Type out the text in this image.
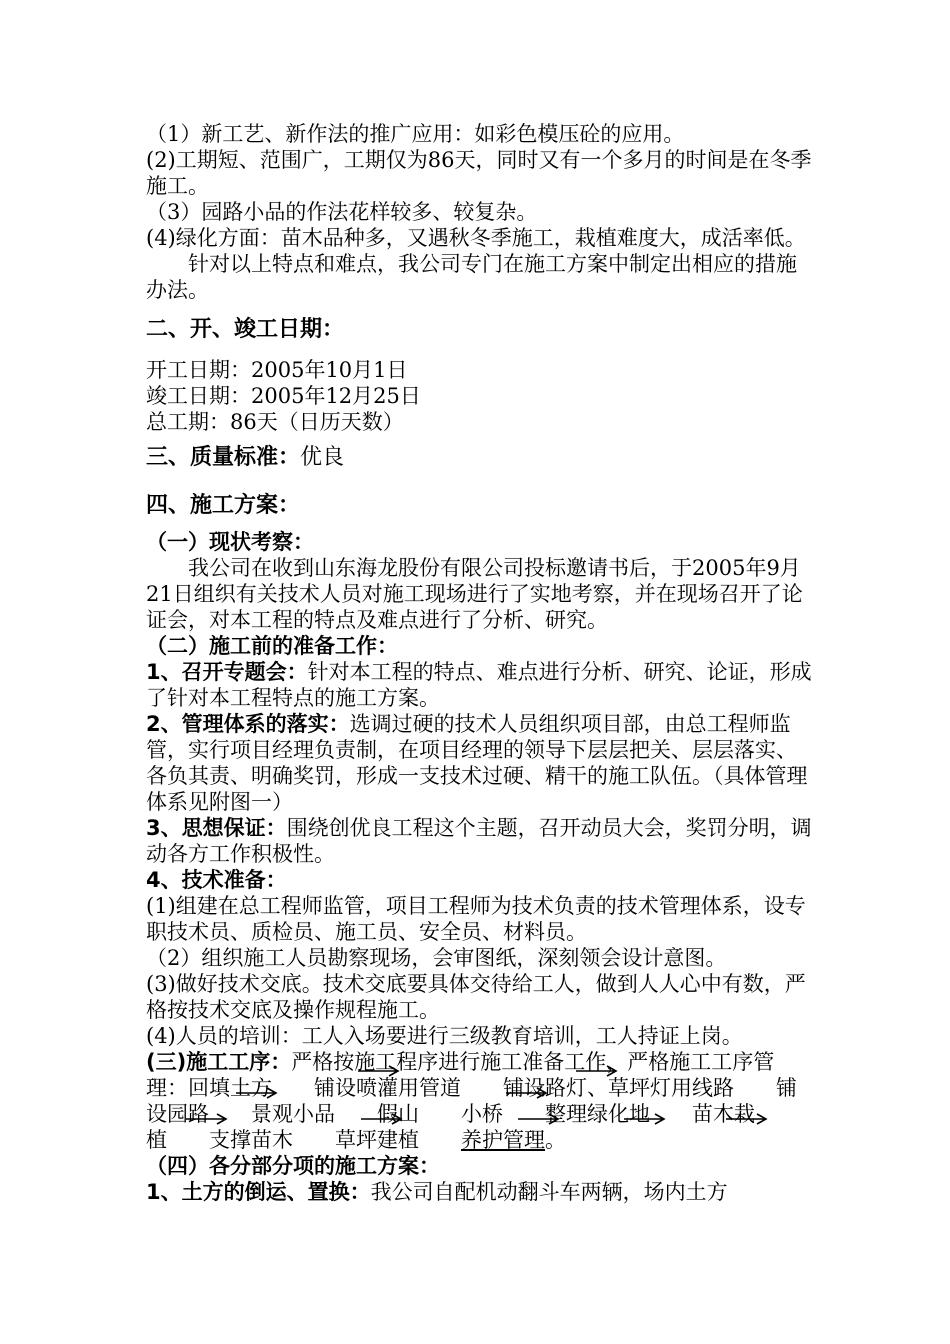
（1）新工艺、新作法的推广应用：如彩色模压砼的应用。

(2)工期短、范围广，工期仅为86天，同时又有一个多月的时间是在冬季施工。

（3）园路小品的作法花样较多、较复杂。

(4)绿化方面：苗木品种多，又遇秋冬季施工，栽植难度大，成活率低。

针对以上特点和难点，我公司专门在施工方案中制定出相应的措施办法。

二、开、竣工日期：

开工日期：2005年10月1日

竣工日期：2005年12月25日

总工期：86天（日历天数）

三、质量标准：优良

四、施工方案：

（一）现状考察：

我公司在收到山东海龙股份有限公司投标邀请书后，于2005年9月21日组织有关技术人员对施工现场进行了实地考察，并在现场召开了论证会，对本工程的特点及难点进行了分析、研究。

（二）施工前的准备工作：

1、召开专题会：针对本工程的特点、难点进行分析、研究、论证，形成了针对本工程特点的施工方案。

2、管理体系的落实：选调过硬的技术人员组织项目部，由总工程师监管，实行项目经理负责制，在项目经理的领导下层层把关、层层落实、各负其责、明确奖罚，形成一支技术过硬、精干的施工队伍。（具体管理体系见附图一）

3、思想保证：围绕创优良工程这个主题，召开动员大会，奖罚分明，调动各方工作积极性。

4、技术准备：

(1)组建在总工程师监管，项目工程师为技术负责的技术管理体系，设专职技术员、质检员、施工员、安全员、材料员。

（2）组织施工人员勘察现场，会审图纸，深刻领会设计意图。

(3)做好技术交底。技术交底要具体交待给工人，做到人人心中有数，严格按技术交底及操作规程施工。

(4)人员的培训：工人入场要进行三级教育培训，工人持证上岗。

(三)施工工序：严格按施工程序进行施工准备工作，严格施工工序管理：回填土方   铺设喷灌用管道   铺设路灯、草坪灯用线路   铺设园路   景观小品   假山   小桥   整理绿化地   苗木栽植   支撑苗木   草坪建植   养护管理。

（四）各分部分项的施工方案：

1、土方的倒运、置换：我公司自配机动翻斗车两辆，场内土方
